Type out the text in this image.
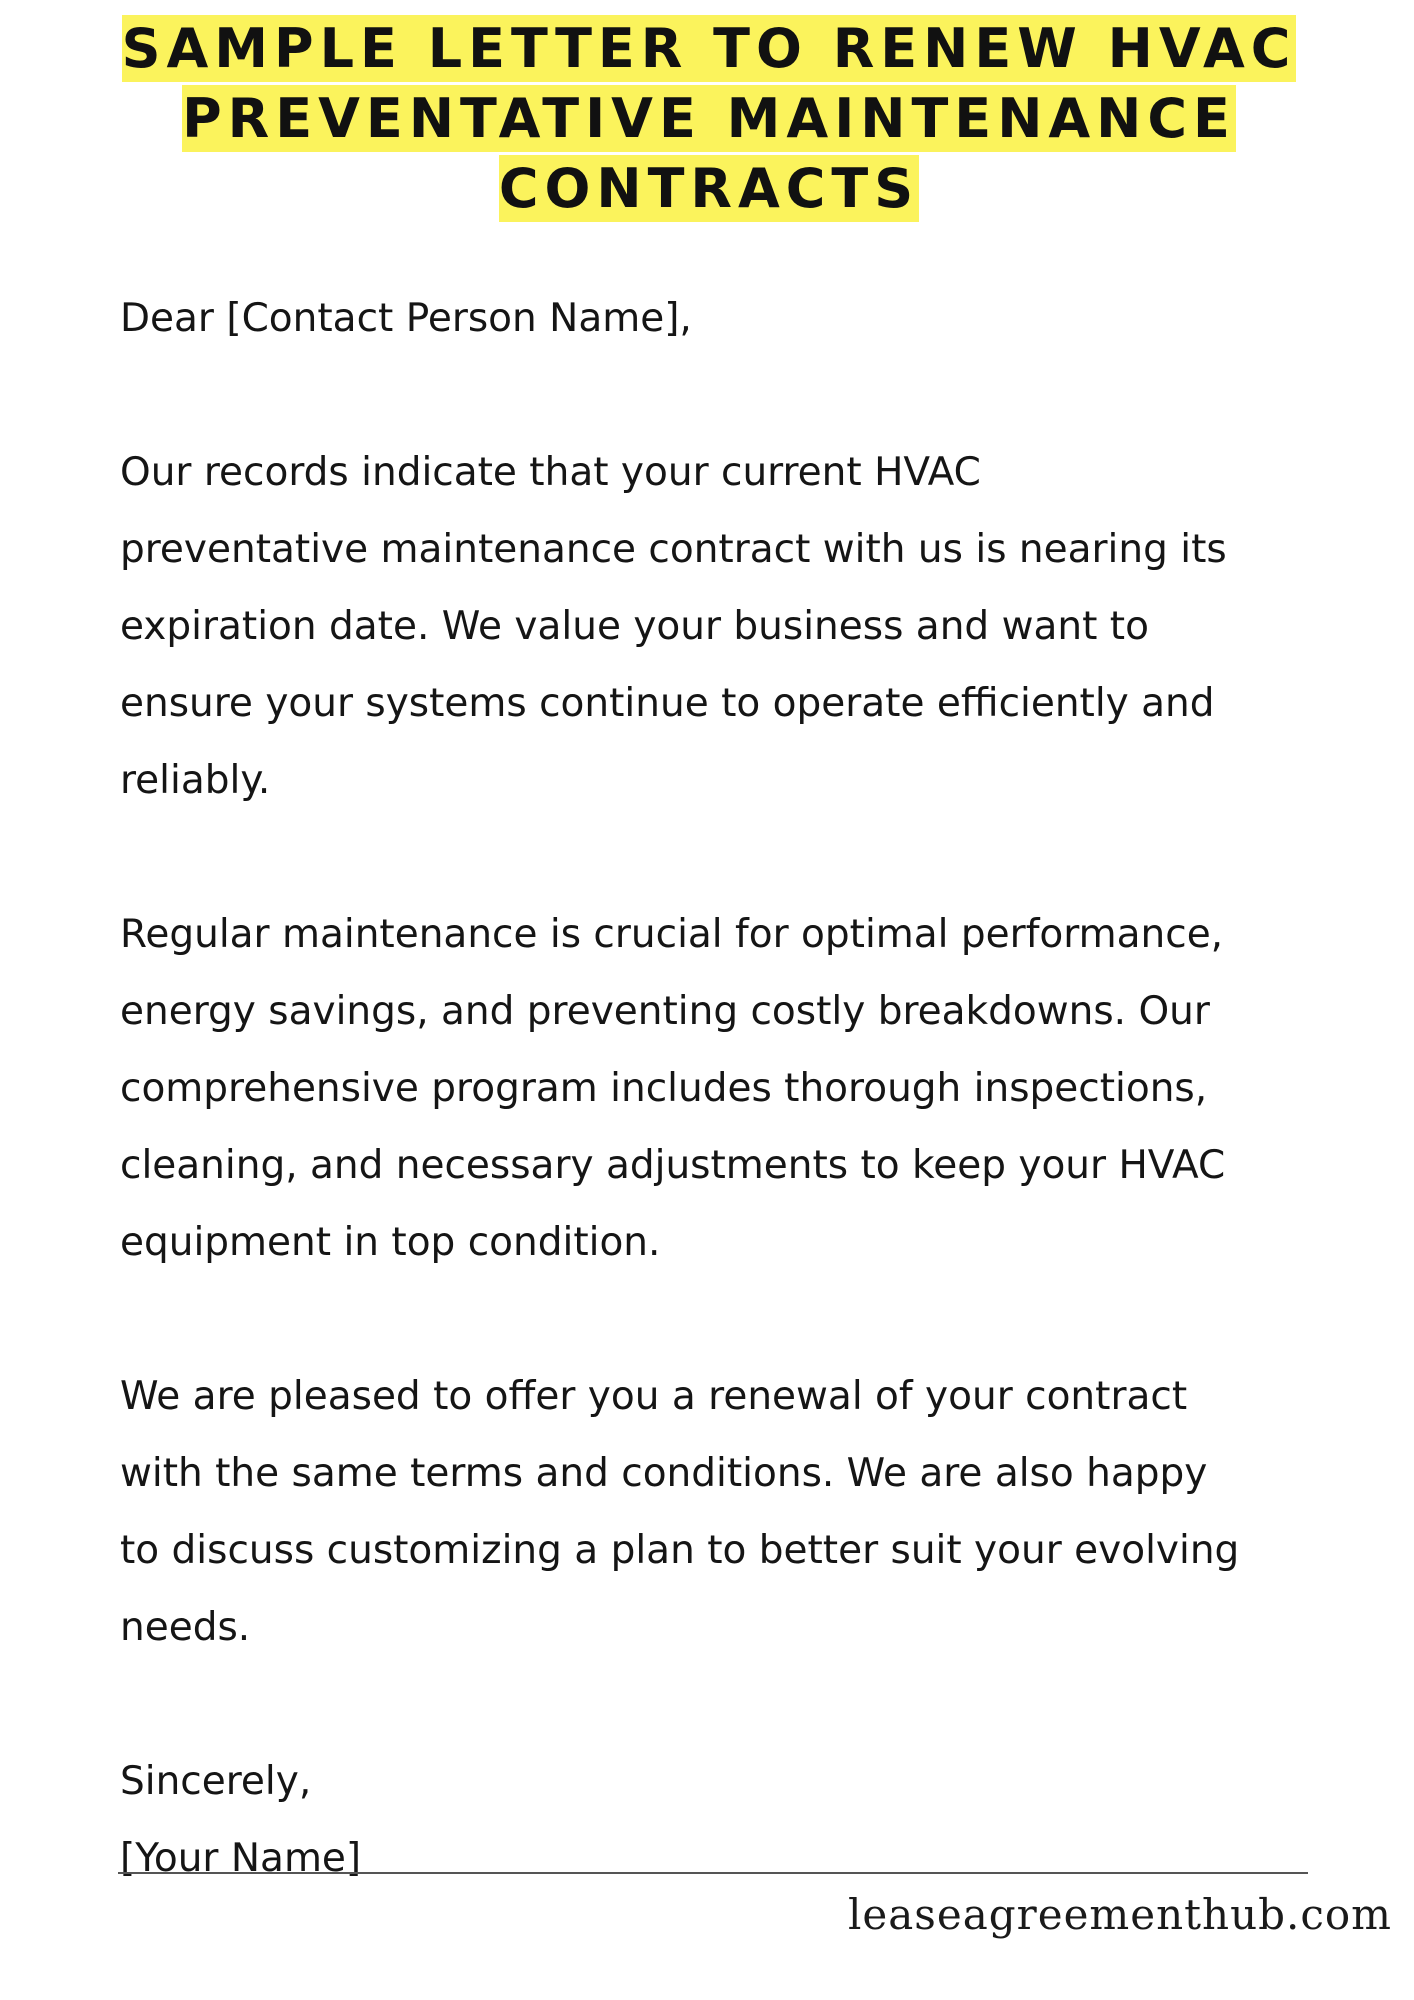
SAMPLE LETTER TO RENEW HVAC
PREVENTATIVE MAINTENANCE
CONTRACTS

Dear [Contact Person Name],

Our records indicate that your current HVAC

preventative maintenance contract with us is nearing its

expiration date. We value your business and want to

ensure your systems continue to operate efficiently and

reliably.

Regular maintenance is crucial for optimal performance,

energy savings, and preventing costly breakdowns. Our

comprehensive program includes thorough inspections,

cleaning, and necessary adjustments to keep your HVAC

equipment in top condition.

We are pleased to offer you a renewal of your contract

with the same terms and conditions. We are also happy

to discuss customizing a plan to better suit your evolving

needs.

Sincerely,

[Your Name]

leaseagreementhub.com
